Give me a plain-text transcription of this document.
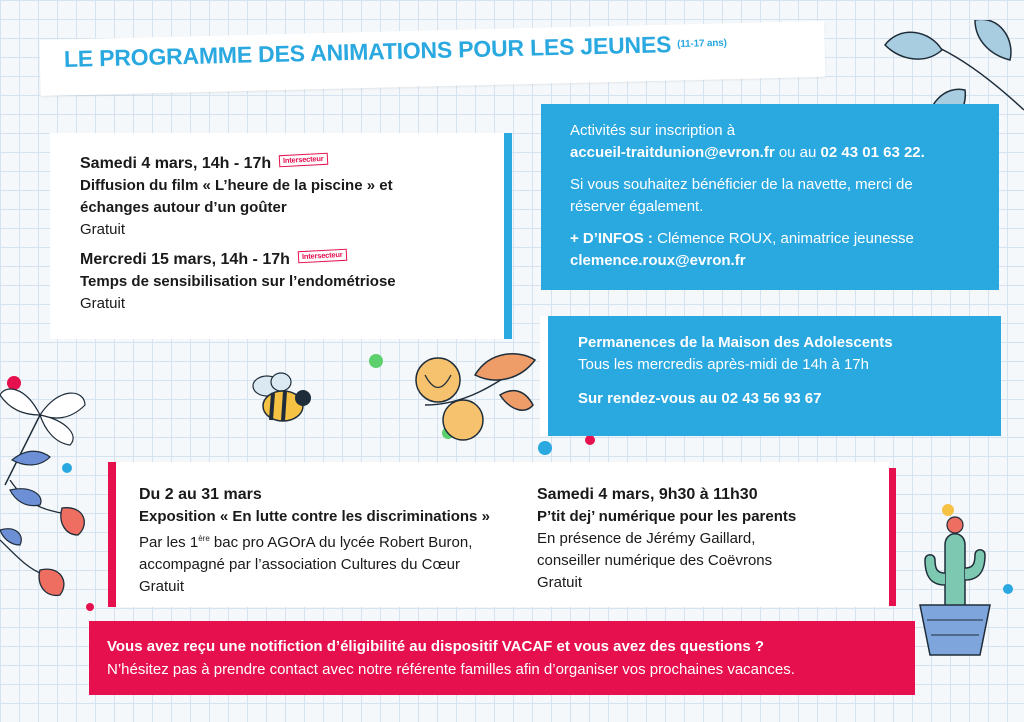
LE PROGRAMME DES ANIMATIONS POUR LES JEUNES $^{(11-17 ans)}$
Samedi 4 mars, 14h - 17h Intersecteur
Diffusion du film « L’heure de la piscine » et
échanges autour d’un goûter
Gratuit
Mercredi 15 mars, 14h - 17h Intersecteur
Temps de sensibilisation sur l’endométriose
Gratuit
Activités sur inscription à
accueil-traitdunion@evron.fr ou au 02 43 01 63 22.
Si vous souhaitez bénéficier de la navette, merci de
réserver également.
+ D’INFOS : Clémence ROUX, animatrice jeunesse
clemence.roux@evron.fr
Permanences de la Maison des Adolescents
Tous les mercredis après-midi de 14h à 17h
Sur rendez-vous au 02 43 56 93 67
Du 2 au 31 mars
Exposition « En lutte contre les discriminations »
Par les 1ère bac pro AGOrA du lycée Robert Buron,
accompagné par l’association Cultures du Cœur
Gratuit
Samedi 4 mars, 9h30 à 11h30
P’tit dej’ numérique pour les parents
En présence de Jérémy Gaillard,
conseiller numérique des Coëvrons
Gratuit
Vous avez reçu une notifiction d’éligibilité au dispositif VACAF et vous avez des questions ?
N’hésitez pas à prendre contact avec notre référente familles afin d’organiser vos prochaines vacances.
